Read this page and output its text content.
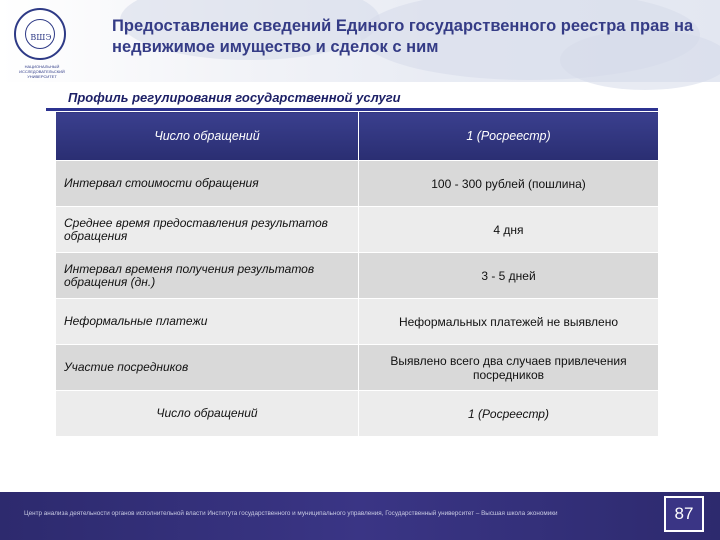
ВШЭ
НАЦИОНАЛЬНЫЙ ИССЛЕДОВАТЕЛЬСКИЙ УНИВЕРСИТЕТ
Предоставление сведений Единого государственного реестра прав на недвижимое имущество и сделок с ним
Профиль регулирования государственной услуги
Число обращений	1 (Росреестр)
Интервал стоимости обращения	100 - 300 рублей (пошлина)
Среднее время предоставления результатов обращения	4 дня
Интервал временя получения результатов обращения (дн.)	3 - 5 дней
Неформальные платежи	Неформальных платежей не выявлено
Участие посредников	Выявлено всего два случаев привлечения посредников
Число обращений	1 (Росреестр)
Центр анализа деятельности органов исполнительной власти Института государственного и муниципального управления, Государственный университет – Высшая школа экономики	87
